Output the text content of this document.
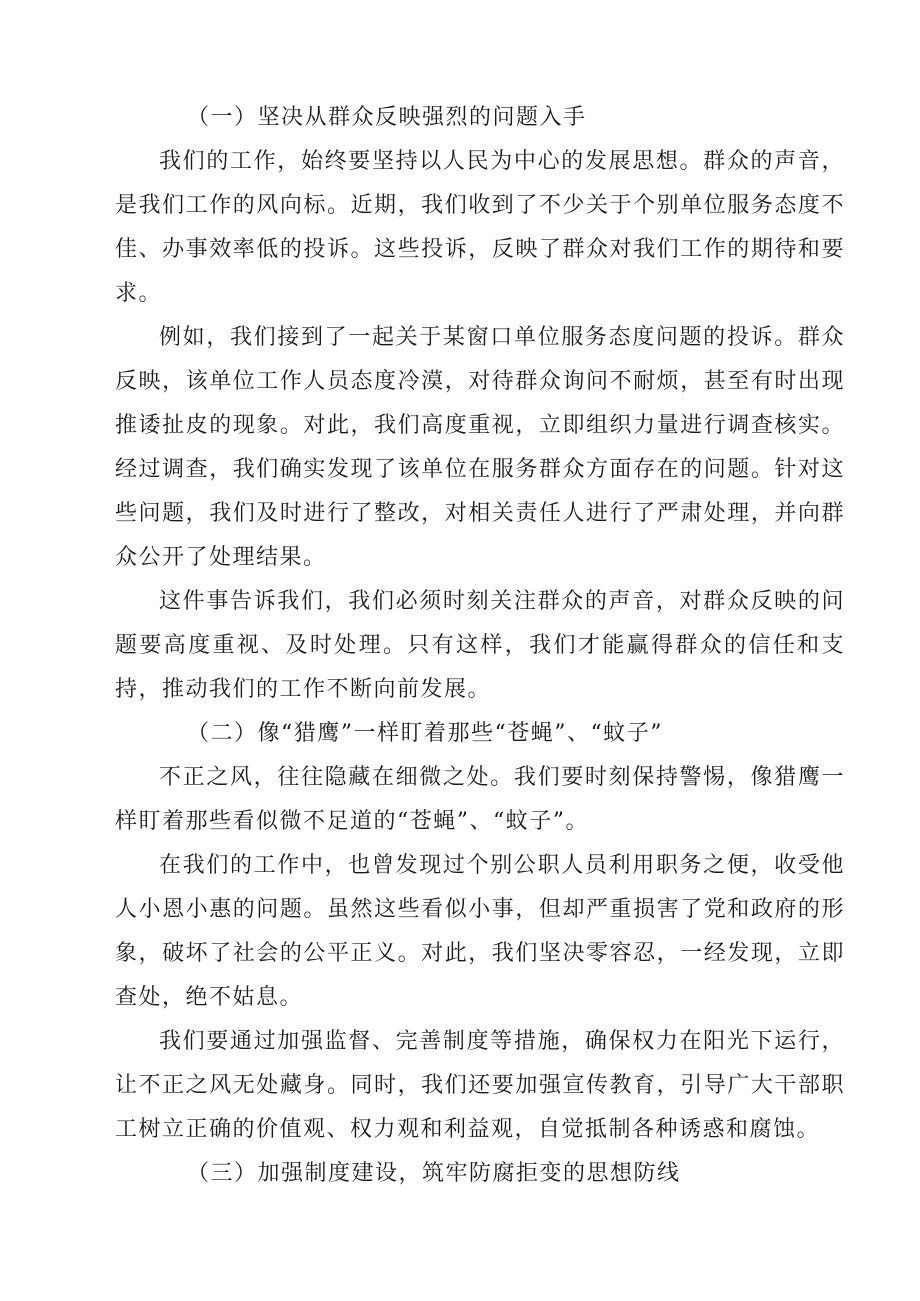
（一）坚决从群众反映强烈的问题入手

我们的工作，始终要坚持以人民为中心的发展思想。群众的声音，是我们工作的风向标。近期，我们收到了不少关于个别单位服务态度不佳、办事效率低的投诉。这些投诉，反映了群众对我们工作的期待和要求。

例如，我们接到了一起关于某窗口单位服务态度问题的投诉。群众反映，该单位工作人员态度冷漠，对待群众询问不耐烦，甚至有时出现推诿扯皮的现象。对此，我们高度重视，立即组织力量进行调查核实。经过调查，我们确实发现了该单位在服务群众方面存在的问题。针对这些问题，我们及时进行了整改，对相关责任人进行了严肃处理，并向群众公开了处理结果。

这件事告诉我们，我们必须时刻关注群众的声音，对群众反映的问题要高度重视、及时处理。只有这样，我们才能赢得群众的信任和支持，推动我们的工作不断向前发展。

（二）像“猎鹰”一样盯着那些“苍蝇”、“蚊子”

不正之风，往往隐藏在细微之处。我们要时刻保持警惕，像猎鹰一样盯着那些看似微不足道的“苍蝇”、“蚊子”。

在我们的工作中，也曾发现过个别公职人员利用职务之便，收受他人小恩小惠的问题。虽然这些看似小事，但却严重损害了党和政府的形象，破坏了社会的公平正义。对此，我们坚决零容忍，一经发现，立即查处，绝不姑息。

我们要通过加强监督、完善制度等措施，确保权力在阳光下运行，让不正之风无处藏身。同时，我们还要加强宣传教育，引导广大干部职工树立正确的价值观、权力观和利益观，自觉抵制各种诱惑和腐蚀。

（三）加强制度建设，筑牢防腐拒变的思想防线
